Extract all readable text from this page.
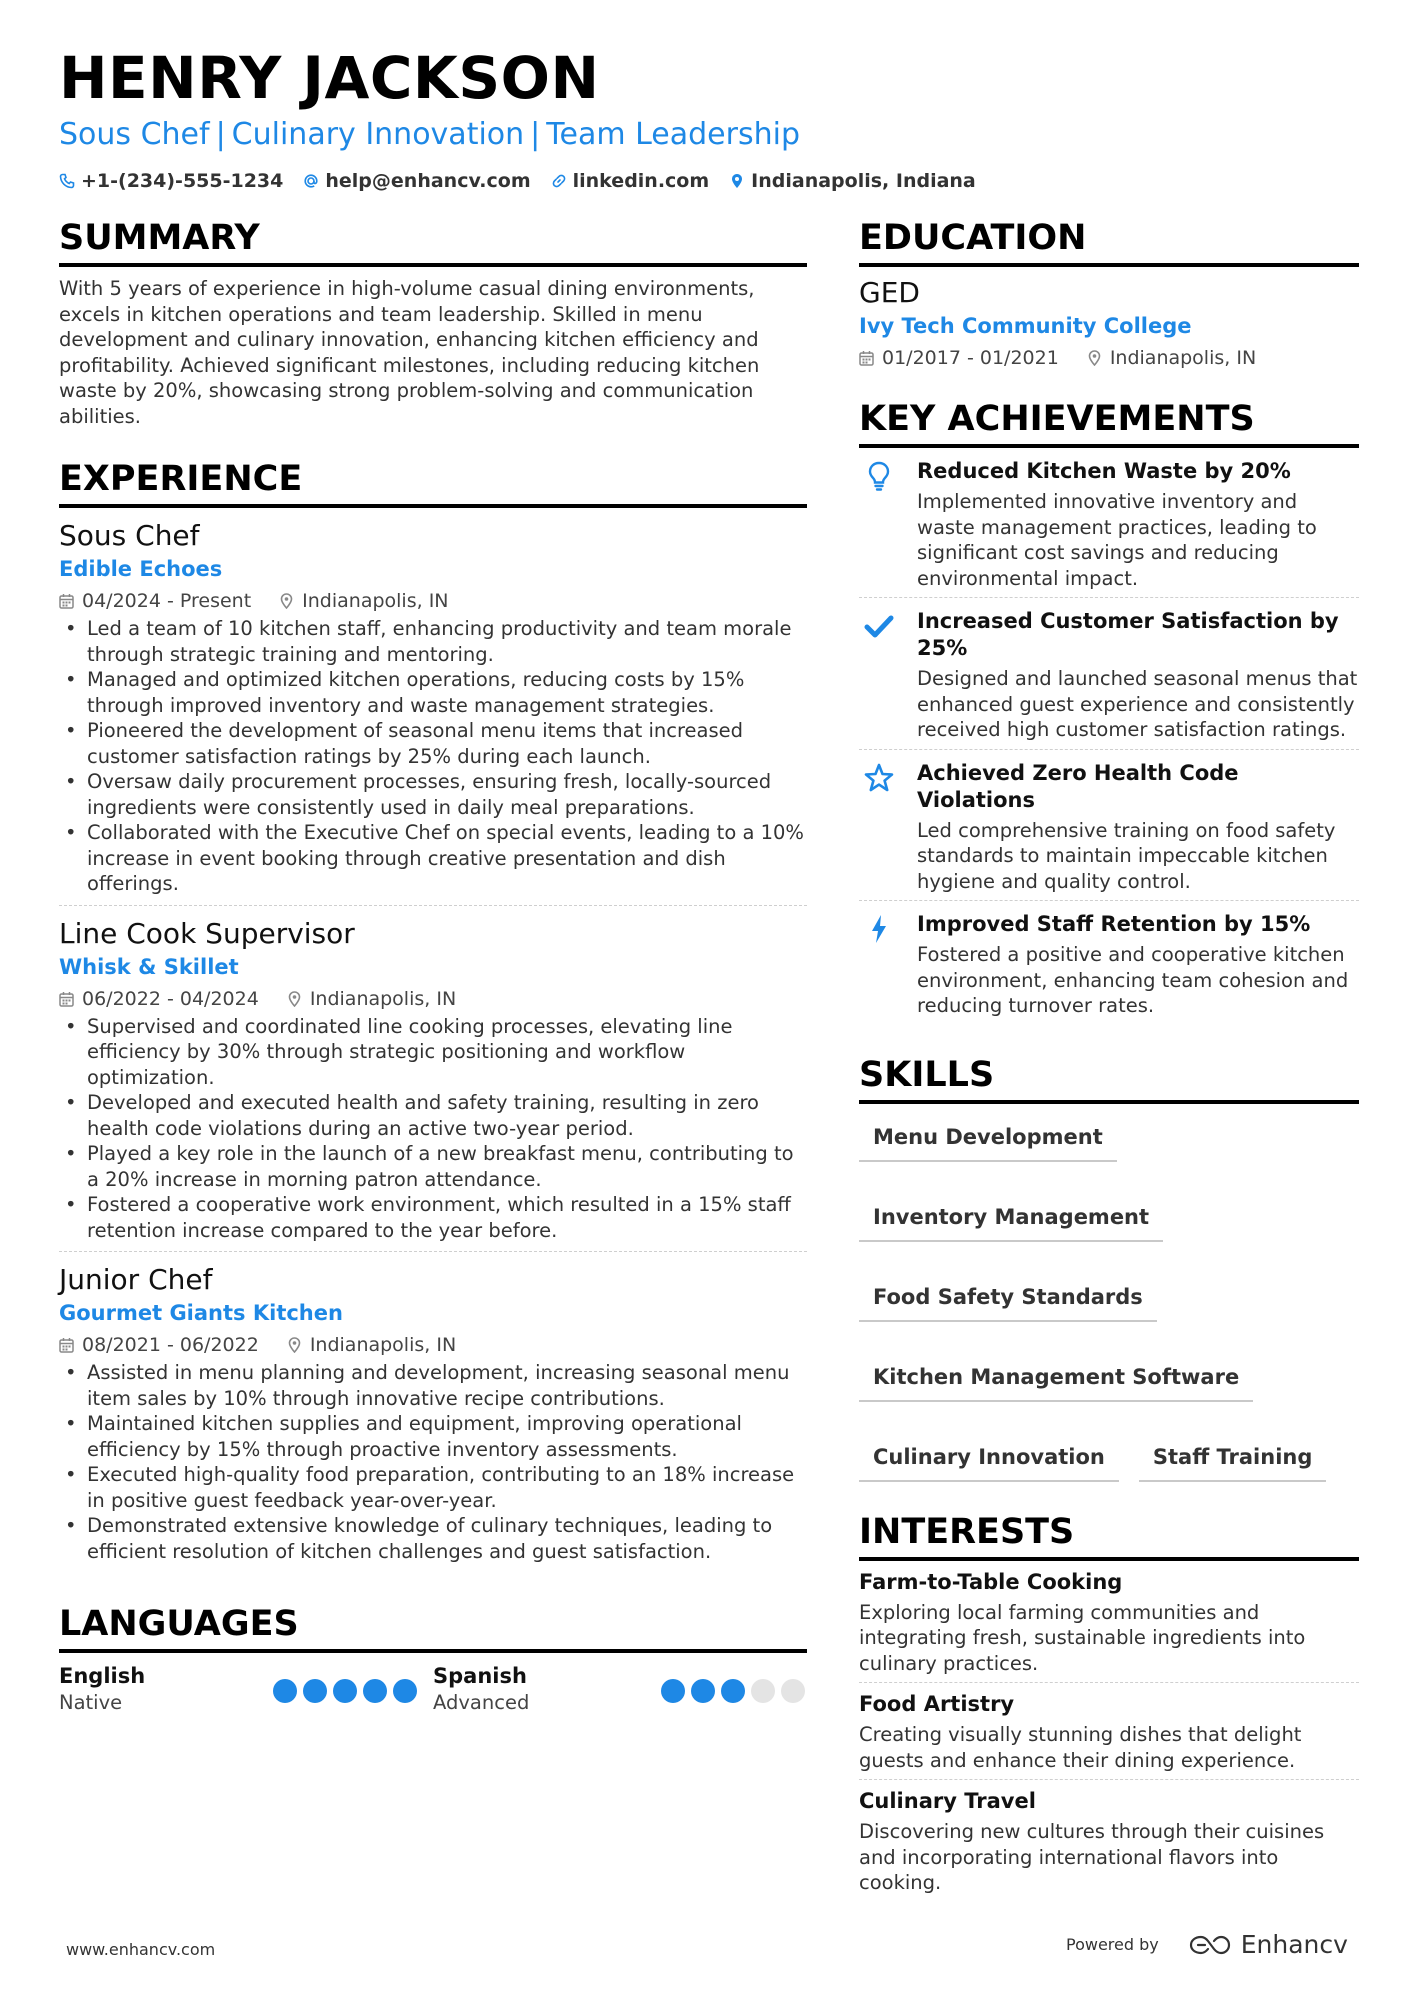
HENRY JACKSON
Sous Chef | Culinary Innovation | Team Leadership
+1-(234)-555-1234 help@enhancv.com linkedin.com Indianapolis, Indiana
SUMMARY
With 5 years of experience in high-volume casual dining environments, excels in kitchen operations and team leadership. Skilled in menu development and culinary innovation, enhancing kitchen efficiency and profitability. Achieved significant milestones, including reducing kitchen waste by 20%, showcasing strong problem-solving and communication abilities.
EXPERIENCE
Sous Chef
Edible Echoes
04/2024 - Present	Indianapolis, IN
• Led a team of 10 kitchen staff, enhancing productivity and team morale through strategic training and mentoring.
• Managed and optimized kitchen operations, reducing costs by 15% through improved inventory and waste management strategies.
• Pioneered the development of seasonal menu items that increased customer satisfaction ratings by 25% during each launch.
• Oversaw daily procurement processes, ensuring fresh, locally-sourced ingredients were consistently used in daily meal preparations.
• Collaborated with the Executive Chef on special events, leading to a 10% increase in event booking through creative presentation and dish offerings.
Line Cook Supervisor
Whisk & Skillet
06/2022 - 04/2024	Indianapolis, IN
• Supervised and coordinated line cooking processes, elevating line efficiency by 30% through strategic positioning and workflow optimization.
• Developed and executed health and safety training, resulting in zero health code violations during an active two-year period.
• Played a key role in the launch of a new breakfast menu, contributing to a 20% increase in morning patron attendance.
• Fostered a cooperative work environment, which resulted in a 15% staff retention increase compared to the year before.
Junior Chef
Gourmet Giants Kitchen
08/2021 - 06/2022	Indianapolis, IN
• Assisted in menu planning and development, increasing seasonal menu item sales by 10% through innovative recipe contributions.
• Maintained kitchen supplies and equipment, improving operational efficiency by 15% through proactive inventory assessments.
• Executed high-quality food preparation, contributing to an 18% increase in positive guest feedback year-over-year.
• Demonstrated extensive knowledge of culinary techniques, leading to efficient resolution of kitchen challenges and guest satisfaction.
LANGUAGES
English
Native
Spanish
Advanced
EDUCATION
GED
Ivy Tech Community College
01/2017 - 01/2021	Indianapolis, IN
KEY ACHIEVEMENTS
Reduced Kitchen Waste by 20%
Implemented innovative inventory and waste management practices, leading to significant cost savings and reducing environmental impact.
Increased Customer Satisfaction by 25%
Designed and launched seasonal menus that enhanced guest experience and consistently received high customer satisfaction ratings.
Achieved Zero Health Code Violations
Led comprehensive training on food safety standards to maintain impeccable kitchen hygiene and quality control.
Improved Staff Retention by 15%
Fostered a positive and cooperative kitchen environment, enhancing team cohesion and reducing turnover rates.
SKILLS
Menu Development
Inventory Management
Food Safety Standards
Kitchen Management Software
Culinary Innovation	Staff Training
INTERESTS
Farm-to-Table Cooking
Exploring local farming communities and integrating fresh, sustainable ingredients into culinary practices.
Food Artistry
Creating visually stunning dishes that delight guests and enhance their dining experience.
Culinary Travel
Discovering new cultures through their cuisines and incorporating international flavors into cooking.
www.enhancv.com	Powered by	Enhancv
